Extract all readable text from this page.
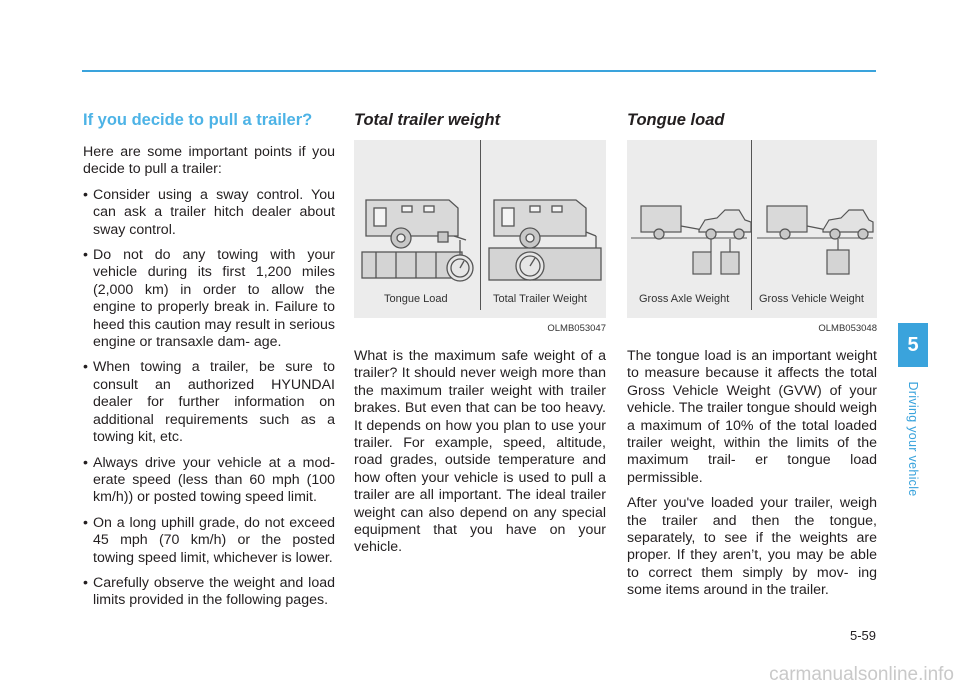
If you decide to pull a trailer?

Here are some important points if you decide to pull a trailer:

• Consider using a sway control. You can ask a trailer hitch dealer about sway control.
• Do not do any towing with your vehicle during its first 1,200 miles (2,000 km) in order to allow the engine to properly break in. Failure to heed this caution may result in serious engine or transaxle dam- age.
• When towing a trailer, be sure to consult an authorized HYUNDAI dealer for further information on additional requirements such as a towing kit, etc.
• Always drive your vehicle at a mod- erate speed (less than 60 mph (100 km/h)) or posted towing speed limit.
• On a long uphill grade, do not exceed 45 mph (70 km/h) or the posted towing speed limit, whichever is lower.
• Carefully observe the weight and load limits provided in the following pages.
Total trailer weight
Tongue Load	Total Trailer Weight
OLMB053047

What is the maximum safe weight of a trailer? It should never weigh more than the maximum trailer weight with trailer brakes. But even that can be too heavy. It depends on how you plan to use your trailer. For example, speed, altitude, road grades, outside temperature and how often your vehicle is used to pull a trailer are all important. The ideal trailer weight can also depend on any special equipment that you have on your vehicle.

Tongue load
Gross Axle Weight	Gross Vehicle Weight
OLMB053048

The tongue load is an important weight to measure because it affects the total Gross Vehicle Weight (GVW) of your vehicle. The trailer tongue should weigh a maximum of 10% of the total loaded trailer weight, within the limits of the maximum trail- er tongue load permissible.

After you've loaded your trailer, weigh the trailer and then the tongue, separately, to see if the weights are proper. If they aren’t, you may be able to correct them simply by mov- ing some items around in the trailer.

5
Driving your vehicle
5-59
carmanualsonline.info
